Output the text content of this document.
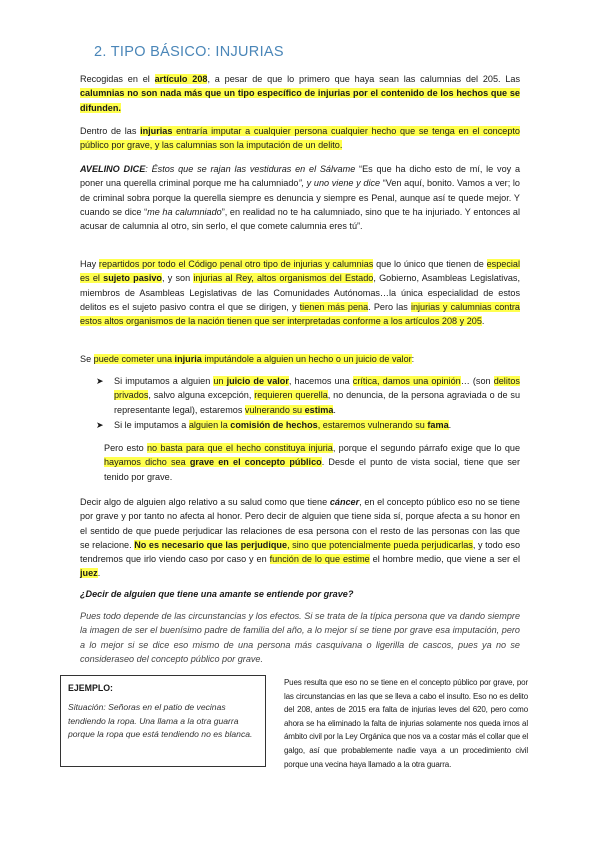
2. TIPO BÁSICO: INJURIAS

Recogidas en el artículo 208, a pesar de que lo primero que haya sean las calumnias del 205. Las calumnias no son nada más que un tipo específico de injurias por el contenido de los hechos que se difunden.

Dentro de las injurias entraría imputar a cualquier persona cualquier hecho que se tenga en el concepto público por grave, y las calumnias son la imputación de un delito.

AVELINO DICE: Éstos que se rajan las vestiduras en el Sálvame “Es que ha dicho esto de mí, le voy a poner una querella criminal porque me ha calumniado”, y uno viene y dice “Ven aquí, bonito. Vamos a ver; lo de criminal sobra porque la querella siempre es denuncia y siempre es Penal, aunque así te quede mejor. Y cuando se dice “me ha calumniado”, en realidad no te ha calumniado, sino que te ha injuriado. Y entonces al acusar de calumnia al otro, sin serlo, el que comete calumnia eres tú”.

Hay repartidos por todo el Código penal otro tipo de injurias y calumnias que lo único que tienen de especial es el sujeto pasivo, y son injurias al Rey, altos organismos del Estado, Gobierno, Asambleas Legislativas, miembros de Asambleas Legislativas de las Comunidades Autónomas…la única especialidad de estos delitos es el sujeto pasivo contra el que se dirigen, y tienen más pena. Pero las injurias y calumnias contra estos altos organismos de la nación tienen que ser interpretadas conforme a los artículos 208 y 205.

Se puede cometer una injuria imputándole a alguien un hecho o un juicio de valor:

➤ Si imputamos a alguien un juicio de valor, hacemos una crítica, damos una opinión… (son delitos privados, salvo alguna excepción, requieren querella, no denuncia, de la persona agraviada o de su representante legal), estaremos vulnerando su estima.
➤ Si le imputamos a alguien la comisión de hechos, estaremos vulnerando su fama.

Pero esto no basta para que el hecho constituya injuria, porque el segundo párrafo exige que lo que hayamos dicho sea grave en el concepto público. Desde el punto de vista social, tiene que ser tenido por grave.

Decir algo de alguien algo relativo a su salud como que tiene cáncer, en el concepto público eso no se tiene por grave y por tanto no afecta al honor. Pero decir de alguien que tiene sida sí, porque afecta a su honor en el sentido de que puede perjudicar las relaciones de esa persona con el resto de las personas con las que se relacione. No es necesario que las perjudique, sino que potencialmente pueda perjudicarlas, y todo eso tendremos que irlo viendo caso por caso y en función de lo que estime el hombre medio, que viene a ser el juez.

¿Decir de alguien que tiene una amante se entiende por grave?

Pues todo depende de las circunstancias y los efectos. Si se trata de la típica persona que va dando siempre la imagen de ser el buenísimo padre de familia del año, a lo mejor sí se tiene por grave esa imputación, pero a lo mejor si se dice eso mismo de una persona más casquivana o ligerilla de cascos, pues ya no se consideraseo del concepto público por grave.

EJEMPLO:
Situación: Señoras en el patio de vecinas tendiendo la ropa. Una llama a la otra guarra porque la ropa que está tendiendo no es blanca.
Pues resulta que eso no se tiene en el concepto público por grave, por las circunstancias en las que se lleva a cabo el insulto. Eso no es delito del 208, antes de 2015 era falta de injurias leves del 620, pero como ahora se ha eliminado la falta de injurias solamente nos queda irnos al ámbito civil por la Ley Orgánica que nos va a costar más el collar que el galgo, así que probablemente nadie vaya a un procedimiento civil porque una vecina haya llamado a la otra guarra.
